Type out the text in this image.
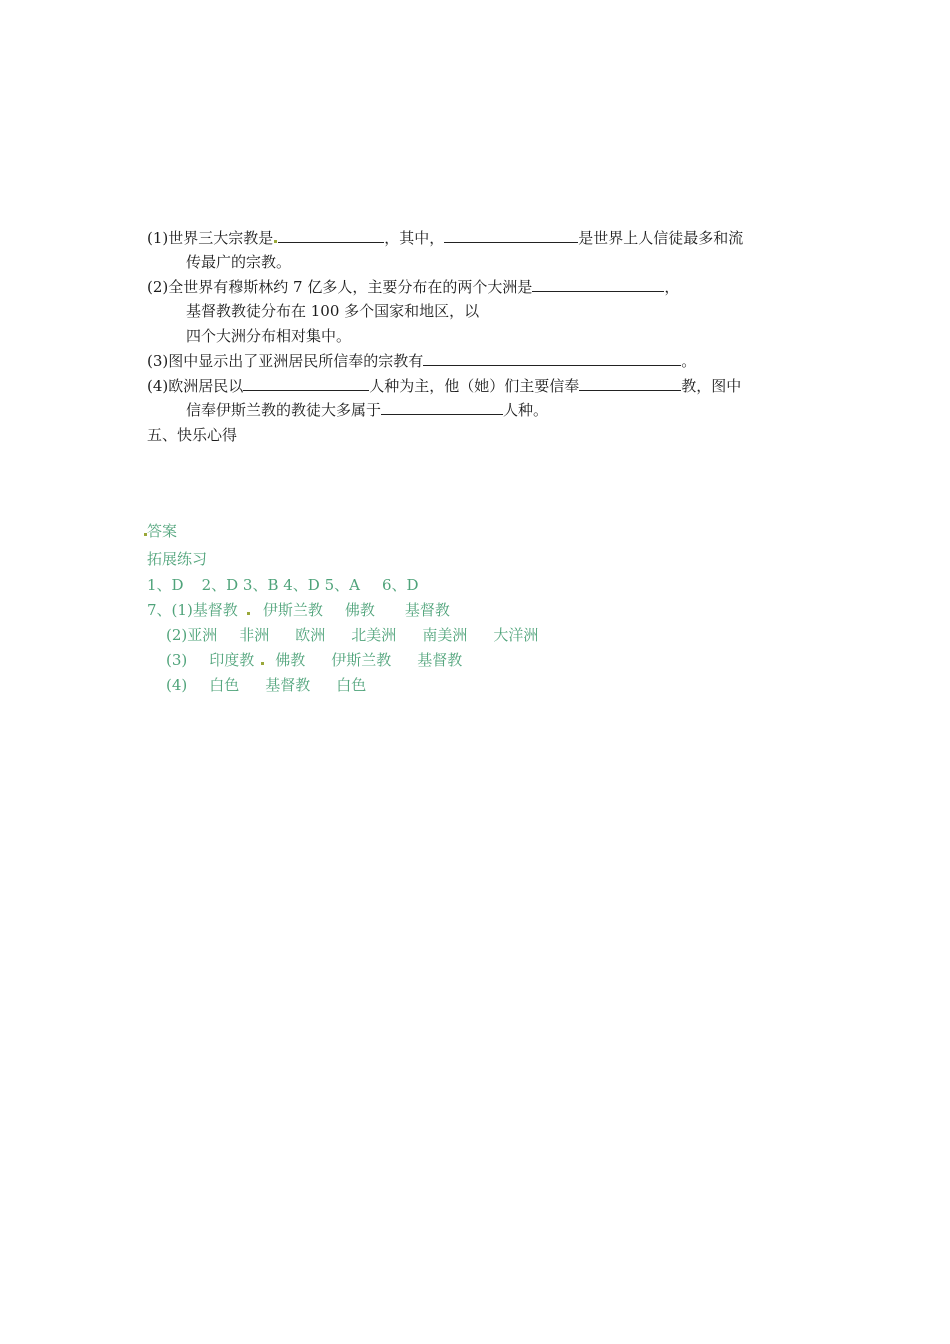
(1)世界三大宗教是	，其中，	是世界上人信徒最多和流
传最广的宗教。
(2)全世界有穆斯林约 7 亿多人，主要分布在的两个大洲是	，
基督教教徒分布在 100 多个国家和地区，以
四个大洲分布相对集中。
(3)图中显示出了亚洲居民所信奉的宗教有	。
(4)欧洲居民以	人种为主，他（她）们主要信奉	教，图中
信奉伊斯兰教的教徒大多属于	人种。
五、快乐心得
答案
拓展练习
1、D 2、D 3、B 4、D 5、A 6、D
7、(1)基督教 伊斯兰教 佛教 基督教
(2)亚洲 非洲 欧洲 北美洲 南美洲 大洋洲
(3) 印度教 佛教 伊斯兰教 基督教
(4) 白色 基督教 白色
